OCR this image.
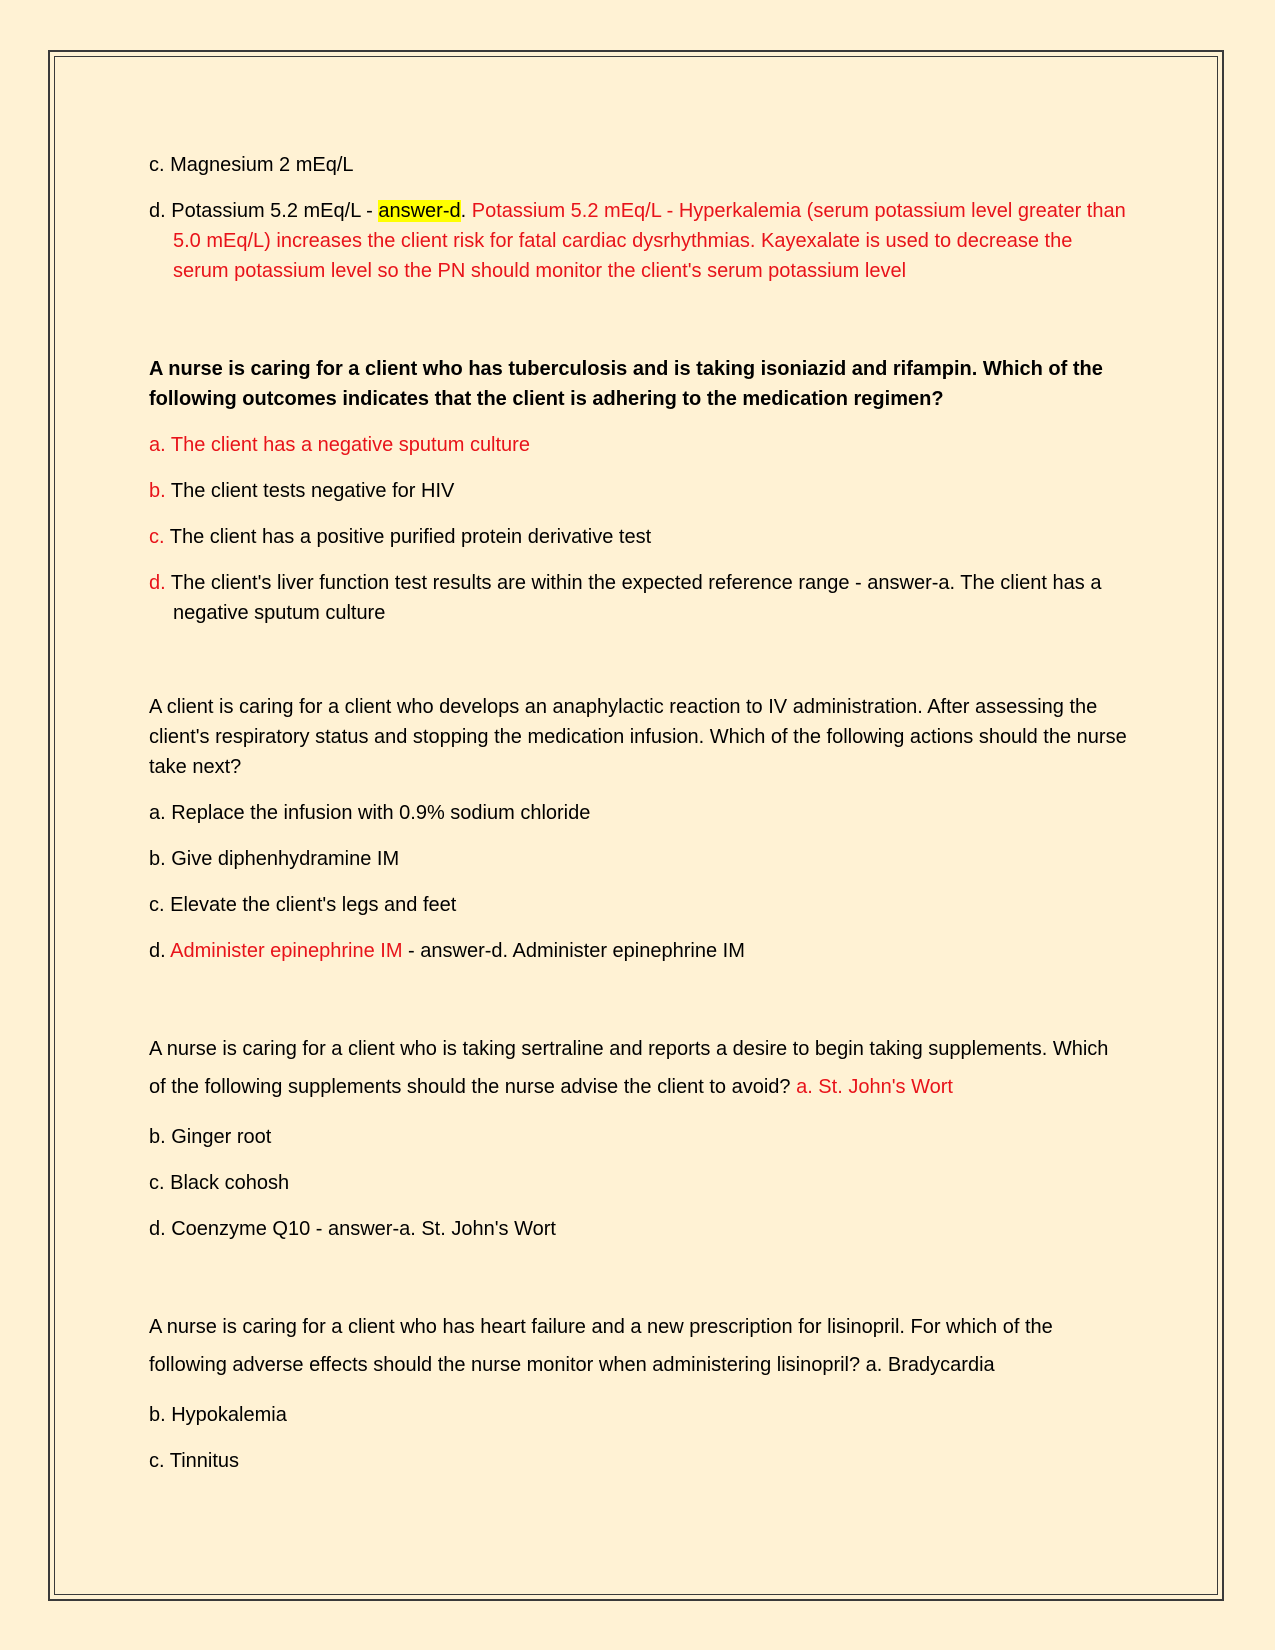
c. Magnesium 2 mEq/L

d. Potassium 5.2 mEq/L - answer-d. Potassium 5.2 mEq/L - Hyperkalemia (serum potassium level greater than 5.0 mEq/L) increases the client risk for fatal cardiac dysrhythmias. Kayexalate is used to decrease the serum potassium level so the PN should monitor the client's serum potassium level

A nurse is caring for a client who has tuberculosis and is taking isoniazid and rifampin. Which of the following outcomes indicates that the client is adhering to the medication regimen?

a. The client has a negative sputum culture

b. The client tests negative for HIV

c. The client has a positive purified protein derivative test

d. The client's liver function test results are within the expected reference range - answer-a. The client has a negative sputum culture

A client is caring for a client who develops an anaphylactic reaction to IV administration. After assessing the client's respiratory status and stopping the medication infusion. Which of the following actions should the nurse take next?

a. Replace the infusion with 0.9% sodium chloride

b. Give diphenhydramine IM

c. Elevate the client's legs and feet

d. Administer epinephrine IM - answer-d. Administer epinephrine IM

A nurse is caring for a client who is taking sertraline and reports a desire to begin taking supplements. Which of the following supplements should the nurse advise the client to avoid? a. St. John's Wort

b. Ginger root

c. Black cohosh

d. Coenzyme Q10 - answer-a. St. John's Wort

A nurse is caring for a client who has heart failure and a new prescription for lisinopril. For which of the following adverse effects should the nurse monitor when administering lisinopril? a. Bradycardia

b. Hypokalemia

c. Tinnitus
